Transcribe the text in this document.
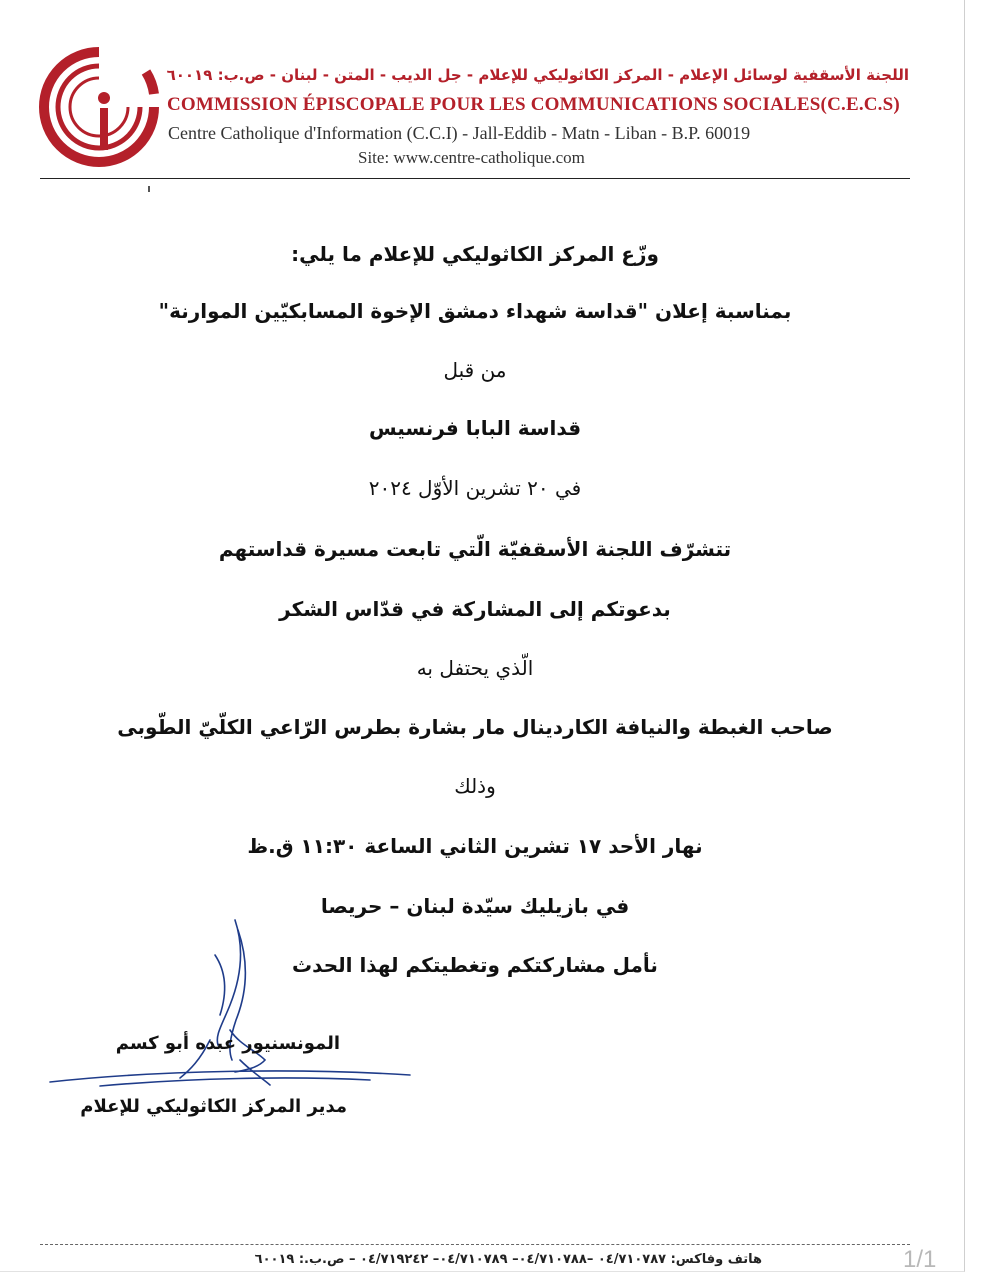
اللجنة الأسقفية لوسائل الإعلام - المركز الكاثوليكي للإعلام - جل الديب - المتن - لبنان - ص.ب: ٦٠٠١٩
COMMISSION ÉPISCOPALE POUR LES COMMUNICATIONS SOCIALES(C.E.C.S)
Centre Catholique d'Information (C.C.I) - Jall-Eddib - Matn - Liban - B.P. 60019
Site: www.centre-catholique.com
وزّع المركز الكاثوليكي للإعلام ما يلي:
بمناسبة إعلان "قداسة شهداء دمشق الإخوة المسابكيّين الموارنة"
من قبل
قداسة البابا فرنسيس
في ٢٠ تشرين الأوّل ٢٠٢٤
تتشرّف اللجنة الأسقفيّة الّتي تابعت مسيرة قداستهم
بدعوتكم إلى المشاركة في قدّاس الشكر
الّذي يحتفل به
صاحب الغبطة والنيافة الكاردينال مار بشارة بطرس الرّاعي الكلّيّ الطّوبى
وذلك
نهار الأحد ١٧ تشرين الثاني الساعة ١١:٣٠ ق.ظ
في بازيليك سيّدة لبنان – حريصا
نأمل مشاركتكم وتغطيتكم لهذا الحدث
المونسنيور عبده أبو كسم
مدير المركز الكاثوليكي للإعلام
هاتف وفاكس: ٠٤/٧١٠٧٨٧ –٠٤/٧١٠٧٨٨– ٠٤/٧١٠٧٨٩– ٠٤/٧١٩٢٤٢ – ص.ب.: ٦٠٠١٩	1/1
